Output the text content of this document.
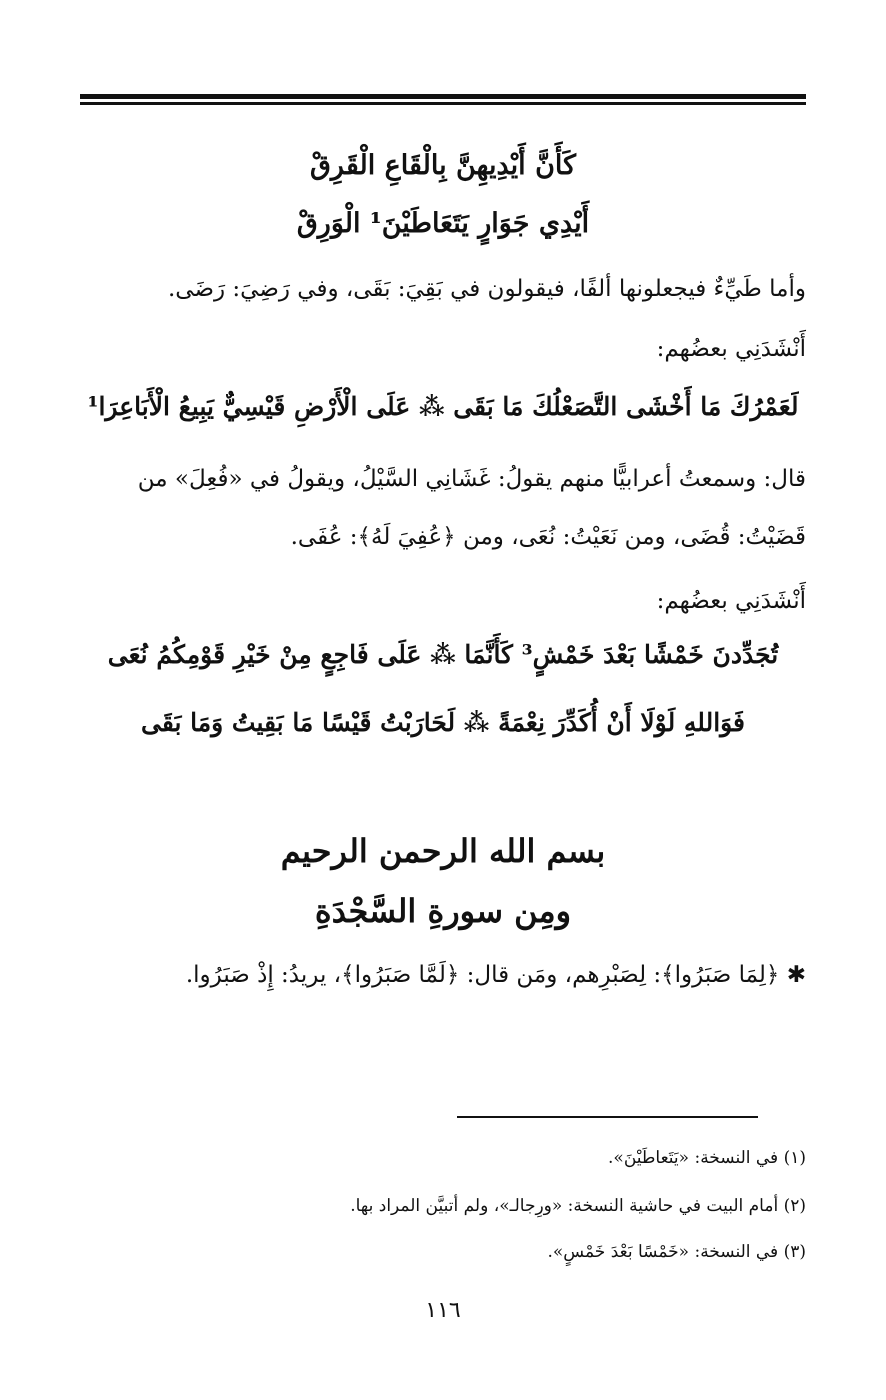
كَأَنَّ أَيْدِيهِنَّ بِالْقَاعِ الْقَرِقْ
أَيْدِي جَوَارٍ يَتَعَاطَيْنَ¹ الْوَرِقْ
وأما طَيِّءٌ فيجعلونها ألفًا، فيقولون في بَقِيَ: بَقَى، وفي رَضِيَ: رَضَى.
أَنْشَدَنِي بعضُهم:
لَعَمْرُكَ مَا أَخْشَى التَّصَعْلُكَ مَا بَقَى ⁂ عَلَى الْأَرْضِ قَيْسِيٌّ يَبِيعُ الْأَبَاعِرَا¹
قال: وسمعتُ أعرابيًّا منهم يقولُ: غَشَانِي السَّيْلُ، ويقولُ في «فُعِلَ» من
قَضَيْتُ: قُضَى، ومن نَعَيْتُ: نُعَى، ومن ﴿عُفِيَ لَهُ﴾: عُفَى.
أَنْشَدَنِي بعضُهم:
تُجَدِّدنَ خَمْشًا بَعْدَ خَمْشٍ³ كَأَنَّمَا ⁂ عَلَى فَاجِعٍ مِنْ خَيْرِ قَوْمِكُمُ نُعَى
فَوَاللهِ لَوْلَا أَنْ أُكَدِّرَ نِعْمَةً ⁂ لَحَارَبْتُ قَيْسًا مَا بَقِيتُ وَمَا بَقَى
بسم الله الرحمن الرحيم
ومِن سورةِ السَّجْدَةِ
✱ ﴿لِمَا صَبَرُوا﴾: لِصَبْرِهم، ومَن قال: ﴿لَمَّا صَبَرُوا﴾، يريدُ: إِذْ صَبَرُوا.
(١) في النسخة: «يَتَعاطَيْنَ».
(٢) أمام البيت في حاشية النسخة: «ورِجالـ»، ولم أتبيَّن المراد بها.
(٣) في النسخة: «خَمْسًا بَعْدَ خَمْسٍ».
١١٦
